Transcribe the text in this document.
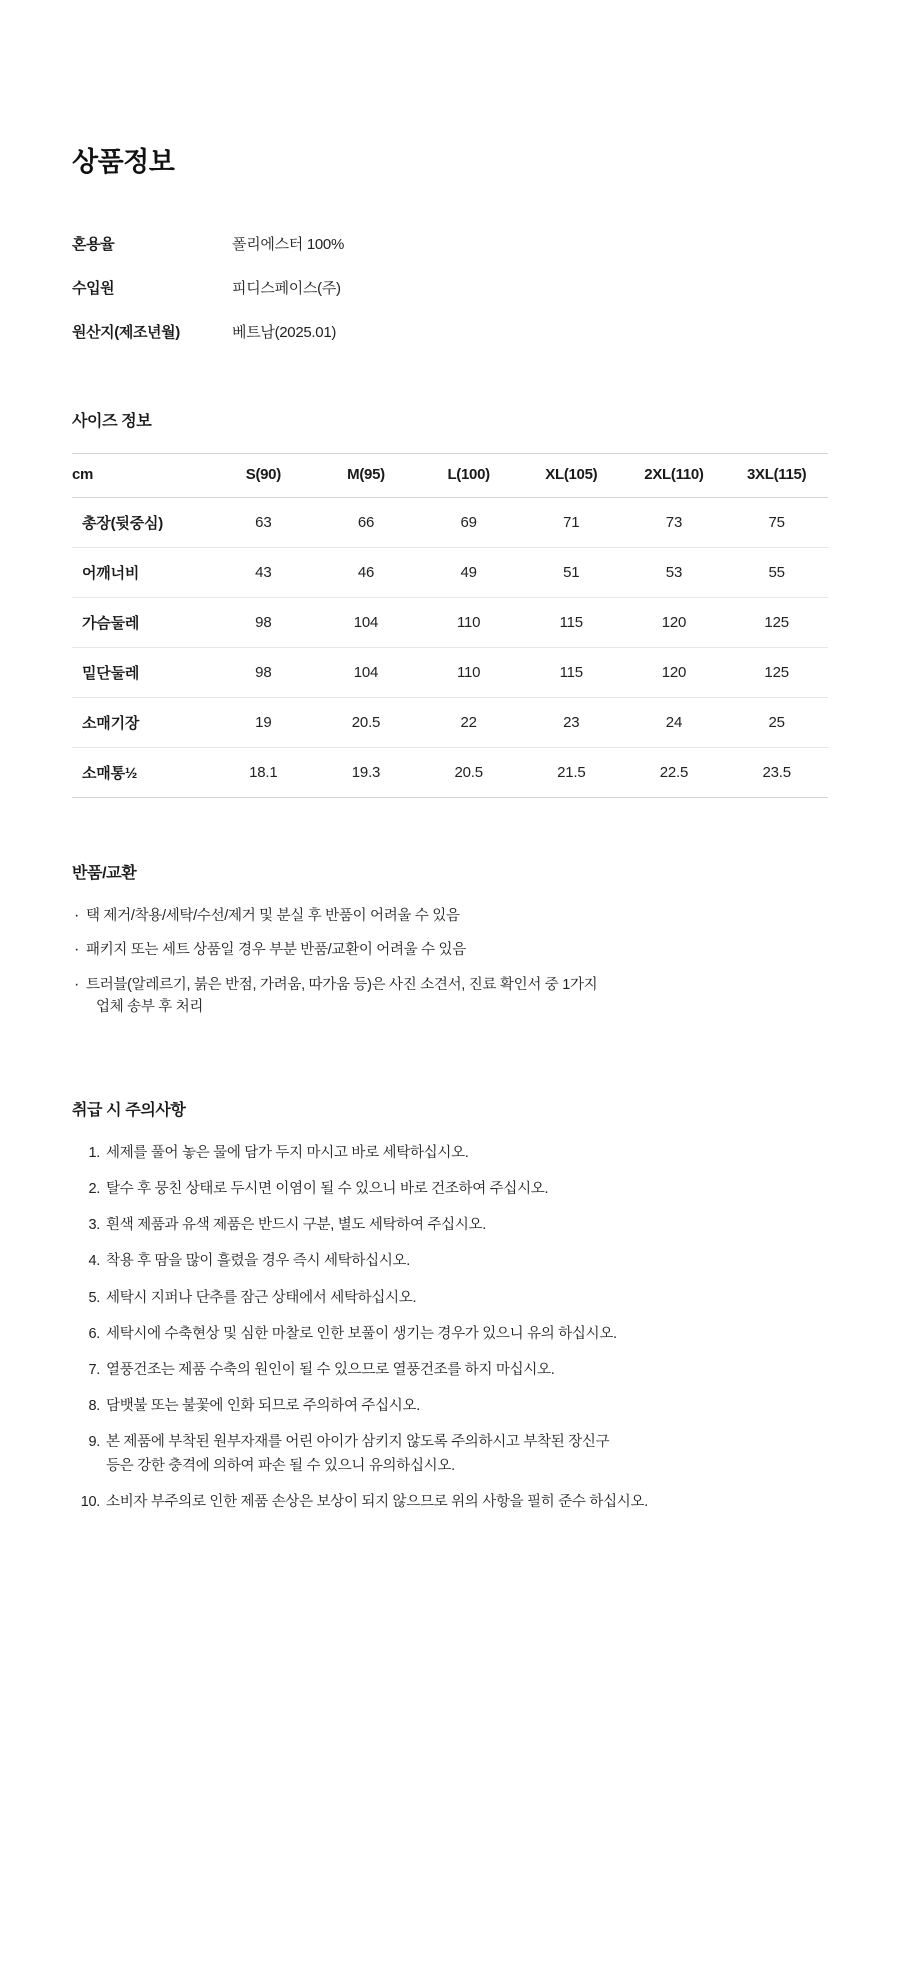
상품정보
혼용율	폴리에스터 100%
수입원	피디스페이스(주)
원산지(제조년월)	베트남(2025.01)
사이즈 정보
cm	S(90)	M(95)	L(100)	XL(105)	2XL(110)	3XL(115)
총장(뒷중심)	63	66	69	71	73	75
어깨너비	43	46	49	51	53	55
가슴둘레	98	104	110	115	120	125
밑단둘레	98	104	110	115	120	125
소매기장	19	20.5	22	23	24	25
소매통½	18.1	19.3	20.5	21.5	22.5	23.5
반품/교환
· 택 제거/착용/세탁/수선/제거 및 분실 후 반품이 어려울 수 있음
· 패키지 또는 세트 상품일 경우 부분 반품/교환이 어려울 수 있음
· 트러블(알레르기, 붉은 반점, 가려움, 따가움 등)은 사진 소견서, 진료 확인서 중 1가지
업체 송부 후 처리
취급 시 주의사항
세제를 풀어 놓은 물에 담가 두지 마시고 바로 세탁하십시오.
탈수 후 뭉친 상태로 두시면 이염이 될 수 있으니 바로 건조하여 주십시오.
흰색 제품과 유색 제품은 반드시 구분, 별도 세탁하여 주십시오.
착용 후 땀을 많이 흘렸을 경우 즉시 세탁하십시오.
세탁시 지퍼나 단추를 잠근 상태에서 세탁하십시오.
세탁시에 수축현상 및 심한 마찰로 인한 보풀이 생기는 경우가 있으니 유의 하십시오.
열풍건조는 제품 수축의 원인이 될 수 있으므로 열풍건조를 하지 마십시오.
담뱃불 또는 불꽃에 인화 되므로 주의하여 주십시오.
본 제품에 부착된 원부자재를 어린 아이가 삼키지 않도록 주의하시고 부착된 장신구
등은 강한 충격에 의하여 파손 될 수 있으니 유의하십시오.
소비자 부주의로 인한 제품 손상은 보상이 되지 않으므로 위의 사항을 필히 준수 하십시오.
